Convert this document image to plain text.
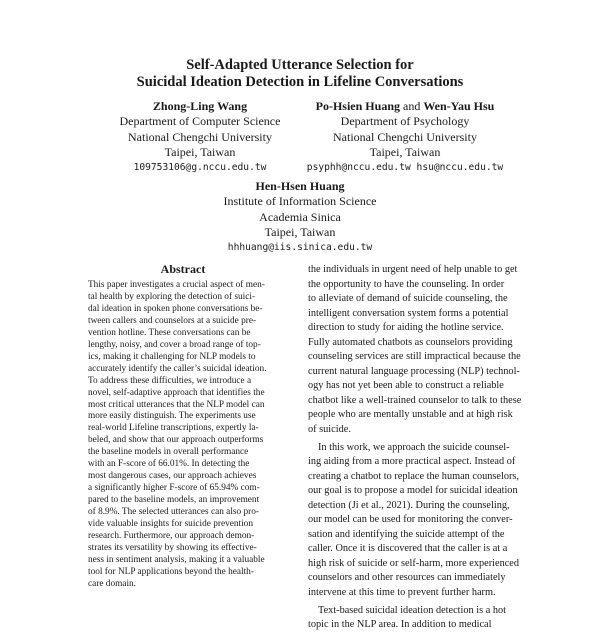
Self-Adapted Utterance Selection for
Suicidal Ideation Detection in Lifeline Conversations
Zhong-Ling Wang
Department of Computer Science
National Chengchi University
Taipei, Taiwan
109753106@g.nccu.edu.tw
Po-Hsien Huang and Wen-Yau Hsu
Department of Psychology
National Chengchi University
Taipei, Taiwan
psyphh@nccu.edu.tw hsu@nccu.edu.tw
Hen-Hsen Huang
Institute of Information Science
Academia Sinica
Taipei, Taiwan
hhhuang@iis.sinica.edu.tw
Abstract
This paper investigates a crucial aspect of men-
tal health by exploring the detection of suici-
dal ideation in spoken phone conversations be-
tween callers and counselors at a suicide pre-
vention hotline. These conversations can be
lengthy, noisy, and cover a broad range of top-
ics, making it challenging for NLP models to
accurately identify the caller’s suicidal ideation.
To address these difficulties, we introduce a
novel, self-adaptive approach that identifies the
most critical utterances that the NLP model can
more easily distinguish. The experiments use
real-world Lifeline transcriptions, expertly la-
beled, and show that our approach outperforms
the baseline models in overall performance
with an F-score of 66.01%. In detecting the
most dangerous cases, our approach achieves
a significantly higher F-score of 65.94% com-
pared to the baseline models, an improvement
of 8.9%. The selected utterances can also pro-
vide valuable insights for suicide prevention
research. Furthermore, our approach demon-
strates its versatility by showing its effective-
ness in sentiment analysis, making it a valuable
tool for NLP applications beyond the health-
care domain.
the individuals in urgent need of help unable to get
the opportunity to have the counseling. In order
to alleviate of demand of suicide counseling, the
intelligent conversation system forms a potential
direction to study for aiding the hotline service.
Fully automated chatbots as counselors providing
counseling services are still impractical because the
current natural language processing (NLP) technol-
ogy has not yet been able to construct a reliable
chatbot like a well-trained counselor to talk to these
people who are mentally unstable and at high risk
of suicide.
In this work, we approach the suicide counsel-
ing aiding from a more practical aspect. Instead of
creating a chatbot to replace the human counselors,
our goal is to propose a model for suicidal ideation
detection (Ji et al., 2021). During the counseling,
our model can be used for monitoring the conver-
sation and identifying the suicide attempt of the
caller. Once it is discovered that the caller is at a
high risk of suicide or self-harm, more experienced
counselors and other resources can immediately
intervene at this time to prevent further harm.
Text-based suicidal ideation detection is a hot
topic in the NLP area. In addition to medical
